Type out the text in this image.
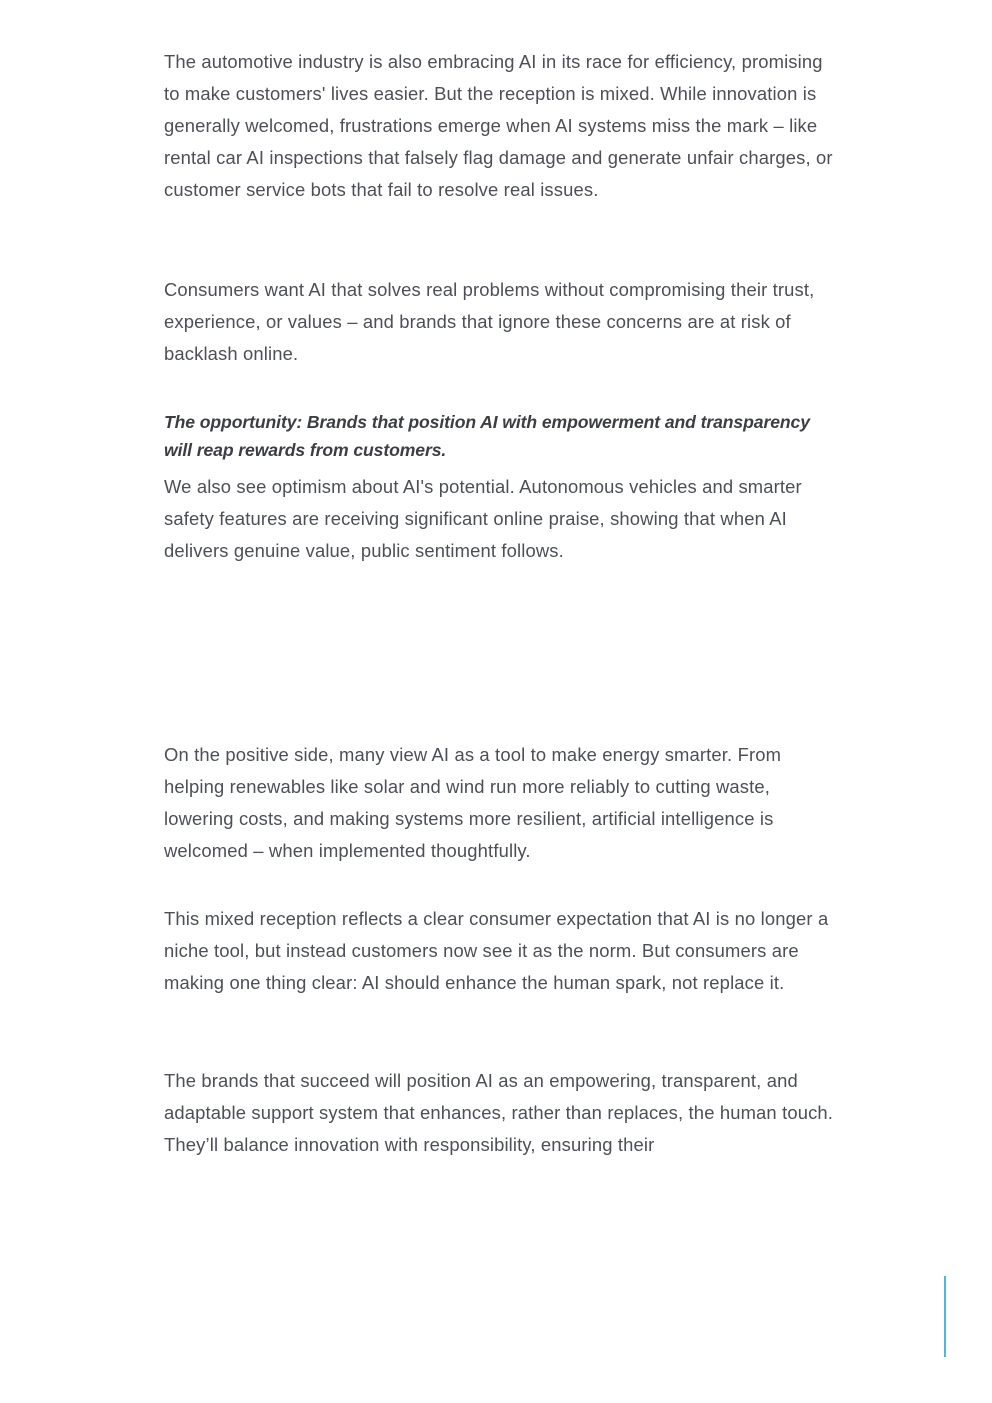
The automotive industry is also embracing AI in its race for efficiency, promising to make customers' lives easier. But the reception is mixed. While innovation is generally welcomed, frustrations emerge when AI systems miss the mark – like rental car AI inspections that falsely flag damage and generate unfair charges, or customer service bots that fail to resolve real issues.

Consumers want AI that solves real problems without compromising their trust, experience, or values – and brands that ignore these concerns are at risk of backlash online.

The opportunity: Brands that position AI with empowerment and transparency will reap rewards from customers.

We also see optimism about AI's potential. Autonomous vehicles and smarter safety features are receiving significant online praise, showing that when AI delivers genuine value, public sentiment follows.

On the positive side, many view AI as a tool to make energy smarter. From helping renewables like solar and wind run more reliably to cutting waste, lowering costs, and making systems more resilient, artificial intelligence is welcomed – when implemented thoughtfully.

This mixed reception reflects a clear consumer expectation that AI is no longer a niche tool, but instead customers now see it as the norm. But consumers are making one thing clear: AI should enhance the human spark, not replace it.

The brands that succeed will position AI as an empowering, transparent, and adaptable support system that enhances, rather than replaces, the human touch. They’ll balance innovation with responsibility, ensuring their
